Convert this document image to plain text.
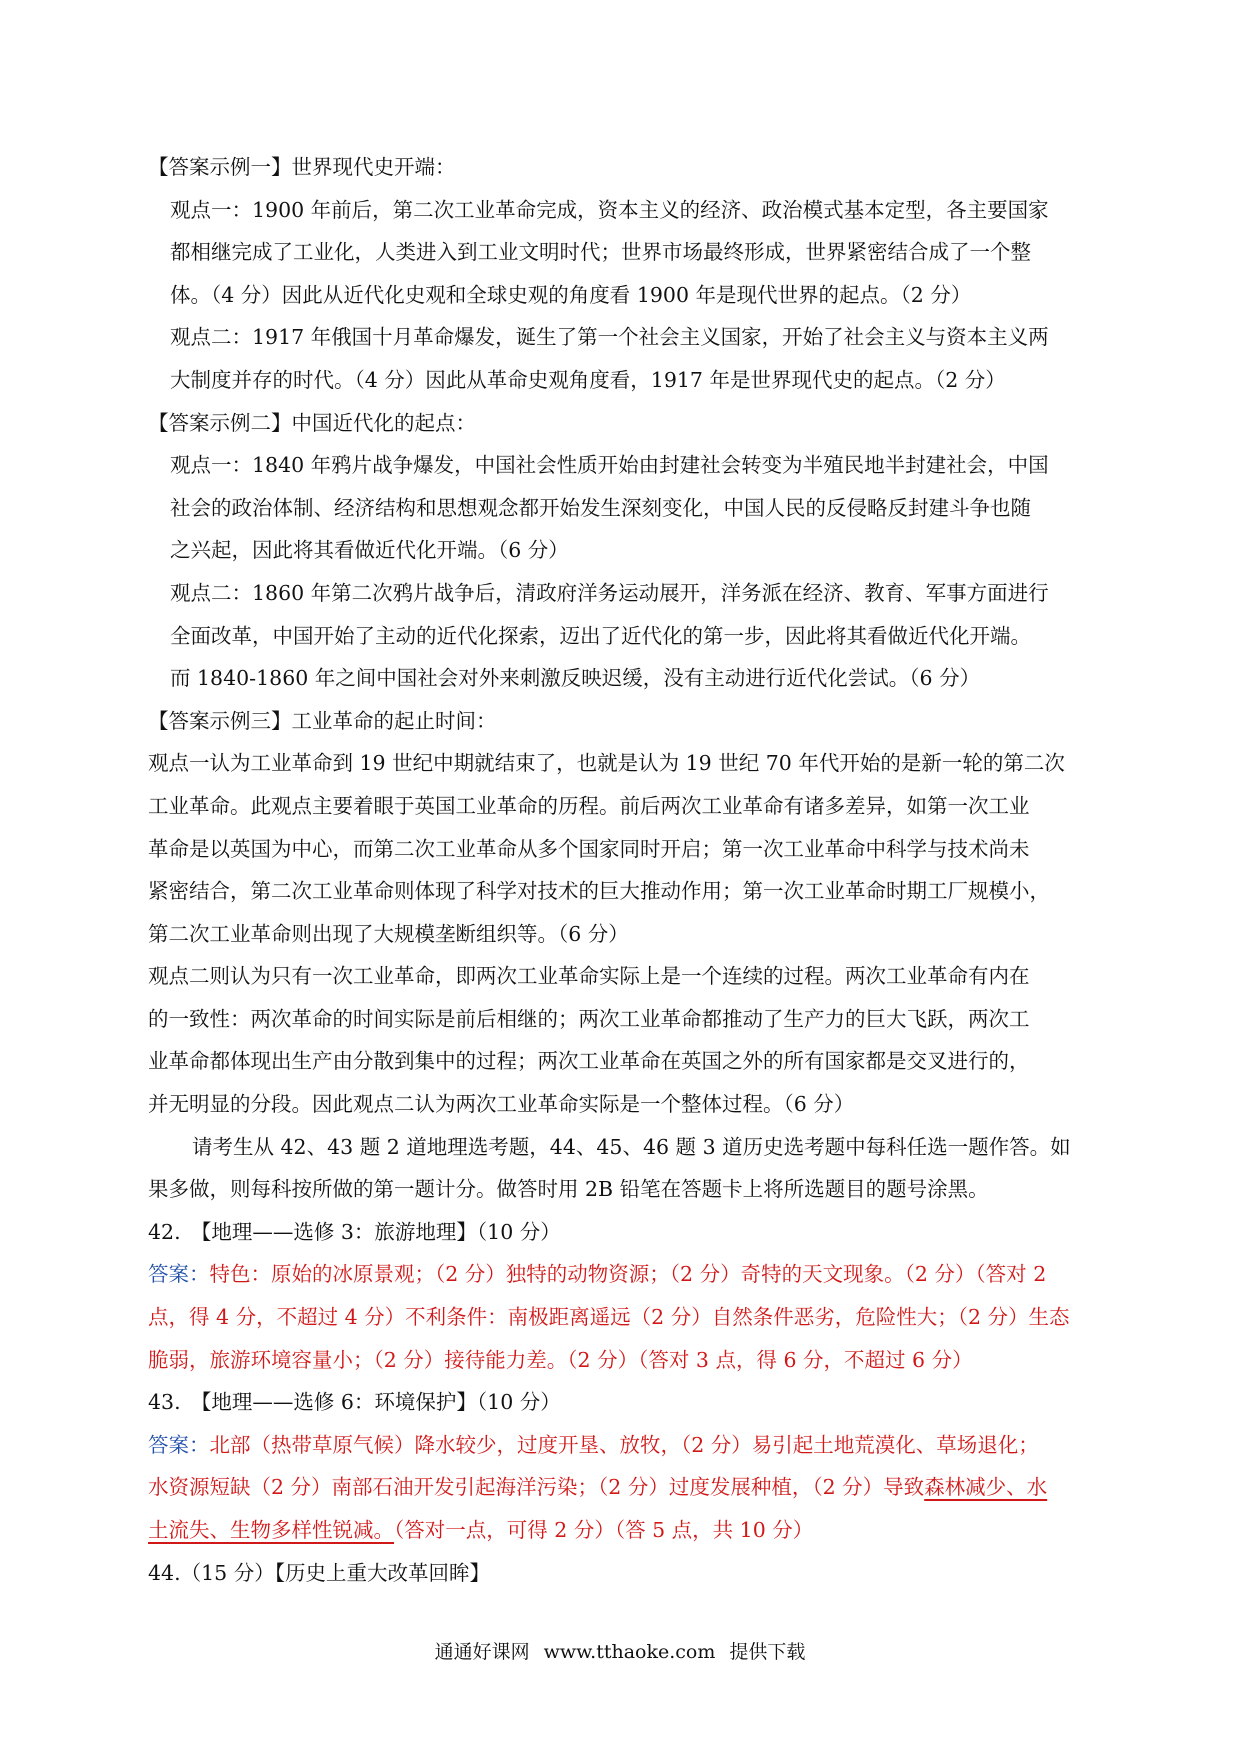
【答案示例一】世界现代史开端：
观点一：1900 年前后，第二次工业革命完成，资本主义的经济、政治模式基本定型，各主要国家
都相继完成了工业化，人类进入到工业文明时代；世界市场最终形成，世界紧密结合成了一个整
体。（4 分）因此从近代化史观和全球史观的角度看 1900 年是现代世界的起点。（2 分）
观点二：1917 年俄国十月革命爆发，诞生了第一个社会主义国家，开始了社会主义与资本主义两
大制度并存的时代。（4 分）因此从革命史观角度看，1917 年是世界现代史的起点。（2 分）
【答案示例二】中国近代化的起点：
观点一：1840 年鸦片战争爆发，中国社会性质开始由封建社会转变为半殖民地半封建社会，中国
社会的政治体制、经济结构和思想观念都开始发生深刻变化，中国人民的反侵略反封建斗争也随
之兴起，因此将其看做近代化开端。（6 分）
观点二：1860 年第二次鸦片战争后，清政府洋务运动展开，洋务派在经济、教育、军事方面进行
全面改革，中国开始了主动的近代化探索，迈出了近代化的第一步，因此将其看做近代化开端。
而 1840-1860 年之间中国社会对外来刺激反映迟缓，没有主动进行近代化尝试。（6 分）
【答案示例三】工业革命的起止时间：
观点一认为工业革命到 19 世纪中期就结束了，也就是认为 19 世纪 70 年代开始的是新一轮的第二次
工业革命。此观点主要着眼于英国工业革命的历程。前后两次工业革命有诸多差异，如第一次工业
革命是以英国为中心，而第二次工业革命从多个国家同时开启；第一次工业革命中科学与技术尚未
紧密结合，第二次工业革命则体现了科学对技术的巨大推动作用；第一次工业革命时期工厂规模小，
第二次工业革命则出现了大规模垄断组织等。（6 分）
观点二则认为只有一次工业革命，即两次工业革命实际上是一个连续的过程。两次工业革命有内在
的一致性：两次革命的时间实际是前后相继的；两次工业革命都推动了生产力的巨大飞跃，两次工
业革命都体现出生产由分散到集中的过程；两次工业革命在英国之外的所有国家都是交叉进行的，
并无明显的分段。因此观点二认为两次工业革命实际是一个整体过程。（6 分）
请考生从 42、43 题 2 道地理选考题，44、45、46 题 3 道历史选考题中每科任选一题作答。如
果多做，则每科按所做的第一题计分。做答时用 2B 铅笔在答题卡上将所选题目的题号涂黑。
42.　【地理——选修 3：旅游地理】（10 分）
答案：特色：原始的冰原景观；（2 分）独特的动物资源；（2 分）奇特的天文现象。（2 分）（答对 2
点，得 4 分，不超过 4 分）不利条件：南极距离遥远（2 分）自然条件恶劣，危险性大；（2 分）生态
脆弱，旅游环境容量小；（2 分）接待能力差。（2 分）（答对 3 点，得 6 分，不超过 6 分）
43.　【地理——选修 6：环境保护】（10 分）
答案：北部（热带草原气候）降水较少，过度开垦、放牧，（2 分）易引起土地荒漠化、草场退化；
水资源短缺（2 分）南部石油开发引起海洋污染；（2 分）过度发展种植，（2 分）导致森林减少、水
土流失、生物多样性锐减。（答对一点，可得 2 分）（答 5 点，共 10 分）
44.（15 分）【历史上重大改革回眸】
通通好课网 www.tthaoke.com 提供下载
